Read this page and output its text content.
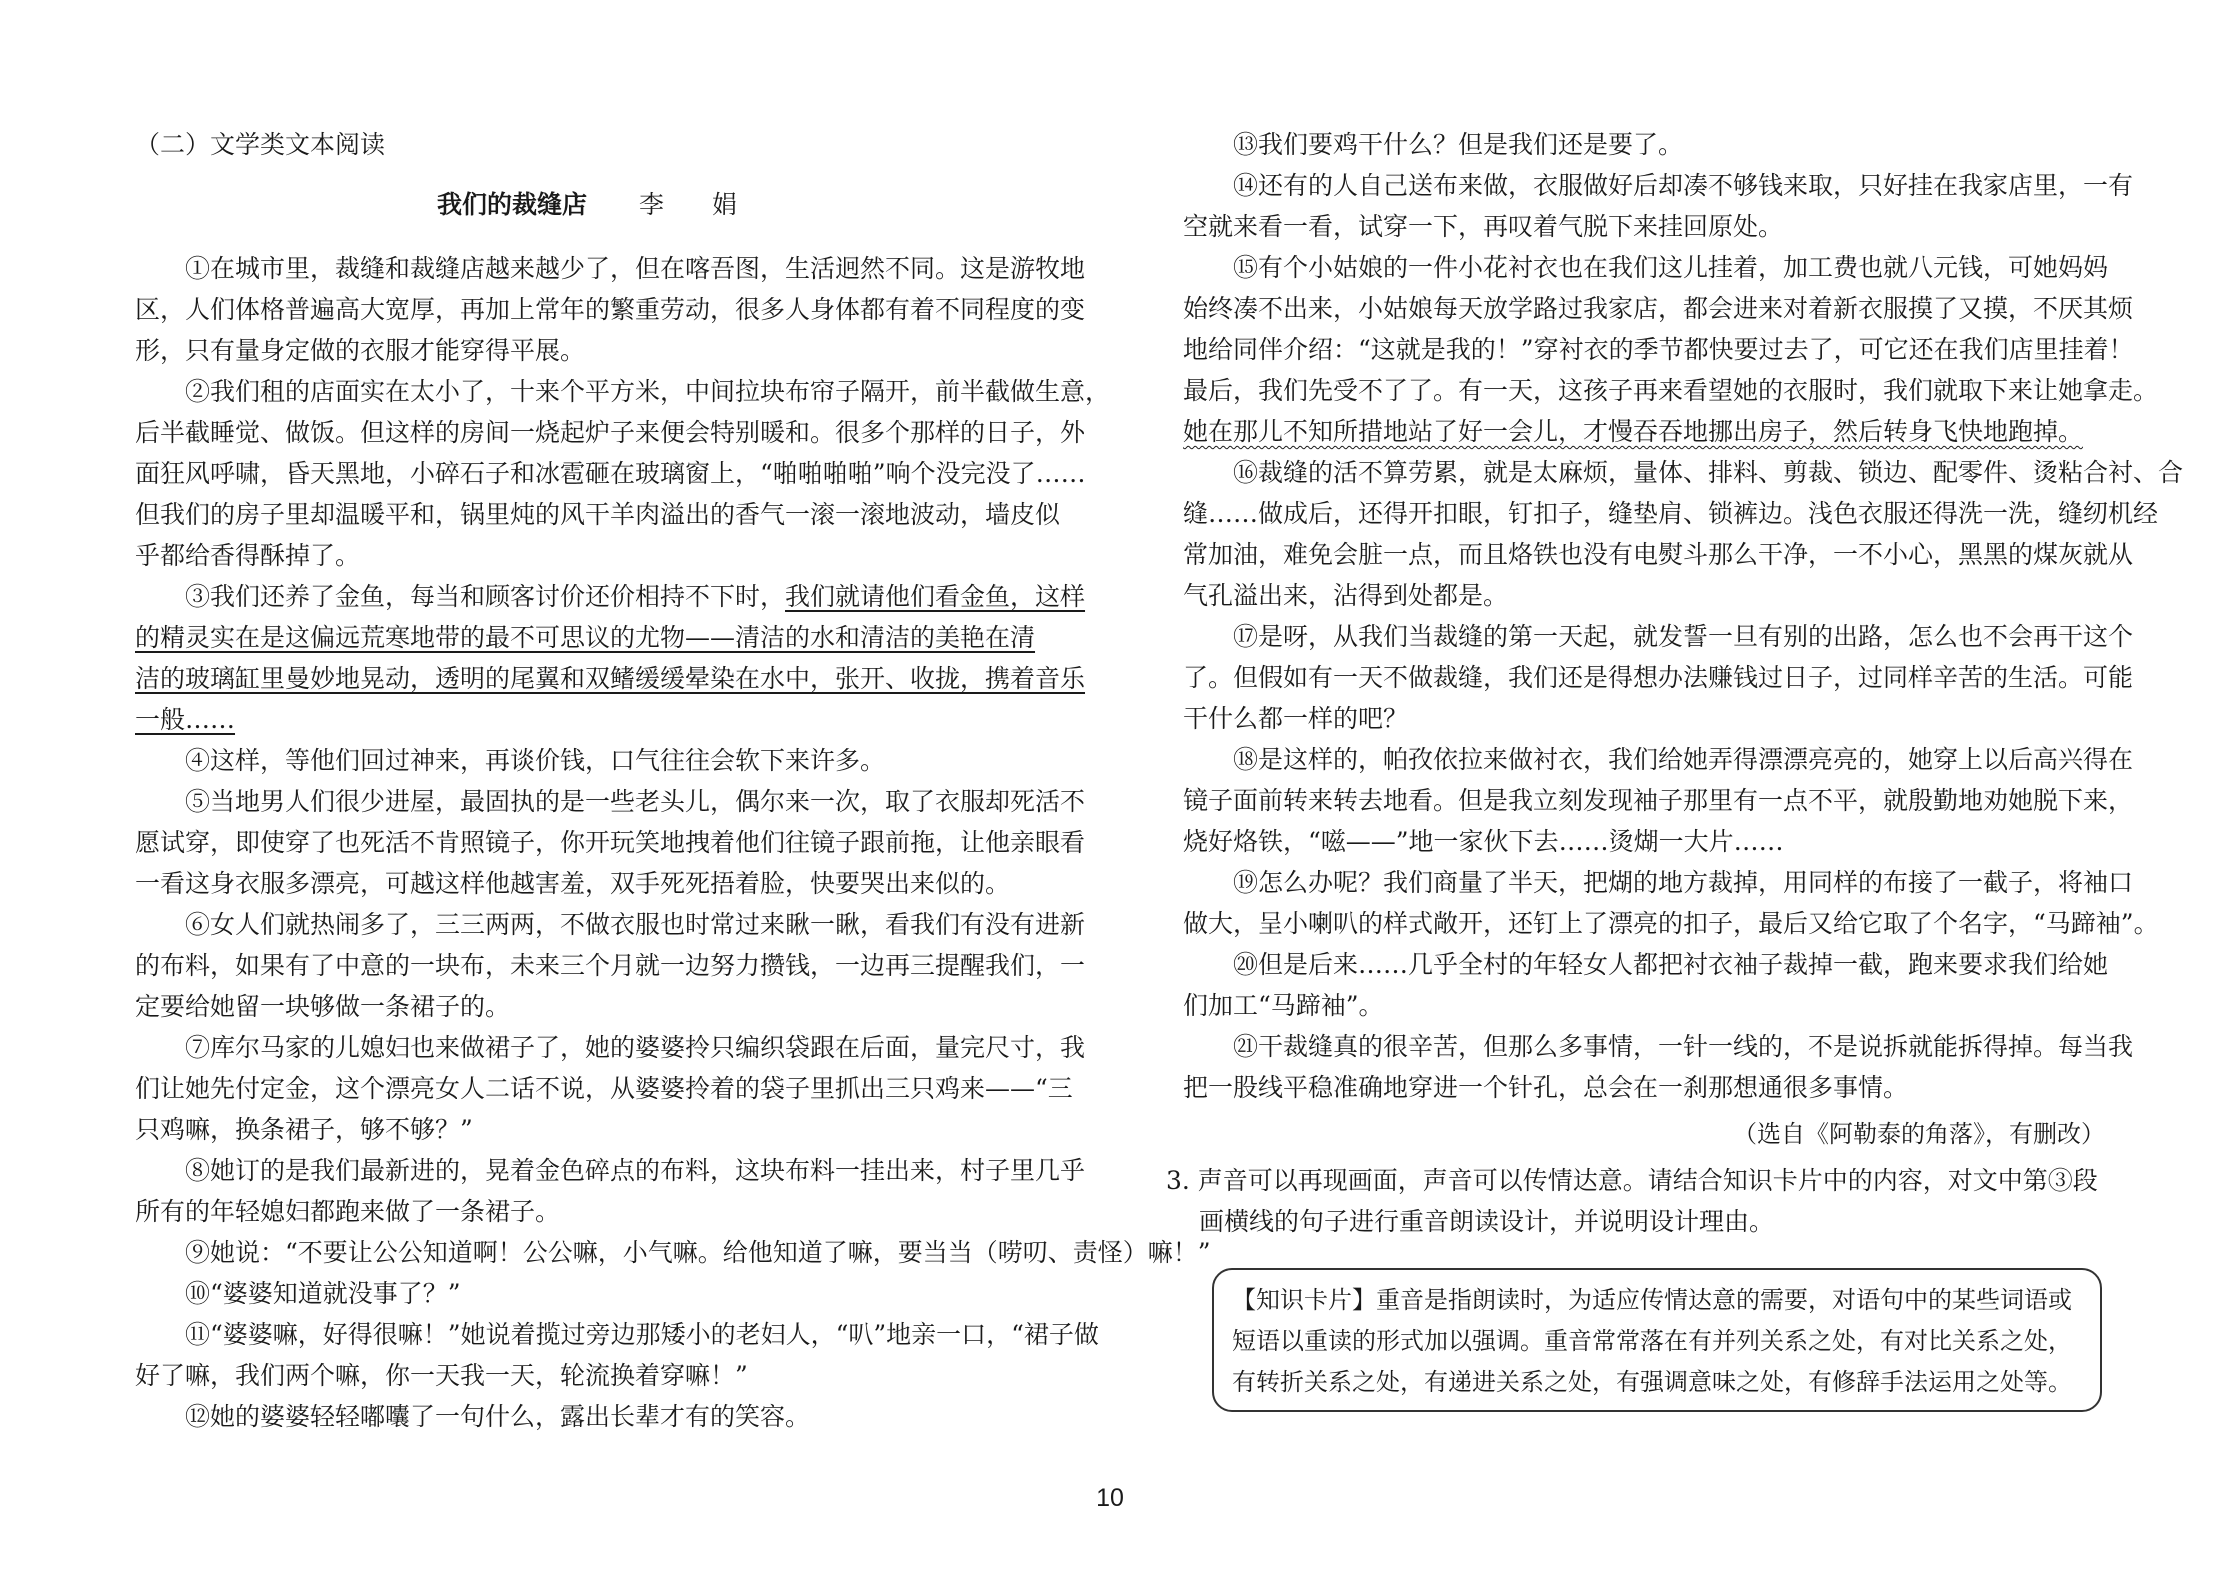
（二）文学类文本阅读
我们的裁缝店 李 娟
　　①在城市里，裁缝和裁缝店越来越少了，但在喀吾图，生活迥然不同。这是游牧地
区，人们体格普遍高大宽厚，再加上常年的繁重劳动，很多人身体都有着不同程度的变
形，只有量身定做的衣服才能穿得平展。
　　②我们租的店面实在太小了，十来个平方米，中间拉块布帘子隔开，前半截做生意，
后半截睡觉、做饭。但这样的房间一烧起炉子来便会特别暖和。很多个那样的日子，外
面狂风呼啸，昏天黑地，小碎石子和冰雹砸在玻璃窗上，“啪啪啪啪”响个没完没了……
但我们的房子里却温暖平和，锅里炖的风干羊肉溢出的香气一滚一滚地波动，墙皮似
乎都给香得酥掉了。
　　③我们还养了金鱼，每当和顾客讨价还价相持不下时，我们就请他们看金鱼，这样
的精灵实在是这偏远荒寒地带的最不可思议的尤物——清洁的水和清洁的美艳在清
洁的玻璃缸里曼妙地晃动，透明的尾翼和双鳍缓缓晕染在水中，张开、收拢，携着音乐
一般……
　　④这样，等他们回过神来，再谈价钱，口气往往会软下来许多。
　　⑤当地男人们很少进屋，最固执的是一些老头儿，偶尔来一次，取了衣服却死活不
愿试穿，即使穿了也死活不肯照镜子，你开玩笑地拽着他们往镜子跟前拖，让他亲眼看
一看这身衣服多漂亮，可越这样他越害羞，双手死死捂着脸，快要哭出来似的。
　　⑥女人们就热闹多了，三三两两，不做衣服也时常过来瞅一瞅，看我们有没有进新
的布料，如果有了中意的一块布，未来三个月就一边努力攒钱，一边再三提醒我们，一
定要给她留一块够做一条裙子的。
　　⑦库尔马家的儿媳妇也来做裙子了，她的婆婆拎只编织袋跟在后面，量完尺寸，我
们让她先付定金，这个漂亮女人二话不说，从婆婆拎着的袋子里抓出三只鸡来——“三
只鸡嘛，换条裙子，够不够？”
　　⑧她订的是我们最新进的，晃着金色碎点的布料，这块布料一挂出来，村子里几乎
所有的年轻媳妇都跑来做了一条裙子。
　　⑨她说：“不要让公公知道啊！公公嘛，小气嘛。给他知道了嘛，要当当（唠叨、责怪）嘛！”
　　⑩“婆婆知道就没事了？”
　　⑪“婆婆嘛，好得很嘛！”她说着揽过旁边那矮小的老妇人，“叭”地亲一口，“裙子做
好了嘛，我们两个嘛，你一天我一天，轮流换着穿嘛！”
　　⑫她的婆婆轻轻嘟囔了一句什么，露出长辈才有的笑容。
　　⑬我们要鸡干什么？但是我们还是要了。
　　⑭还有的人自己送布来做，衣服做好后却凑不够钱来取，只好挂在我家店里，一有
空就来看一看，试穿一下，再叹着气脱下来挂回原处。
　　⑮有个小姑娘的一件小花衬衣也在我们这儿挂着，加工费也就八元钱，可她妈妈
始终凑不出来，小姑娘每天放学路过我家店，都会进来对着新衣服摸了又摸，不厌其烦
地给同伴介绍：“这就是我的！”穿衬衣的季节都快要过去了，可它还在我们店里挂着！
最后，我们先受不了了。有一天，这孩子再来看望她的衣服时，我们就取下来让她拿走。
她在那儿不知所措地站了好一会儿，才慢吞吞地挪出房子，然后转身飞快地跑掉。
　　⑯裁缝的活不算劳累，就是太麻烦，量体、排料、剪裁、锁边、配零件、烫粘合衬、合
缝……做成后，还得开扣眼，钉扣子，缝垫肩、锁裤边。浅色衣服还得洗一洗，缝纫机经
常加油，难免会脏一点，而且烙铁也没有电熨斗那么干净，一不小心，黑黑的煤灰就从
气孔溢出来，沾得到处都是。
　　⑰是呀，从我们当裁缝的第一天起，就发誓一旦有别的出路，怎么也不会再干这个
了。但假如有一天不做裁缝，我们还是得想办法赚钱过日子，过同样辛苦的生活。可能
干什么都一样的吧？
　　⑱是这样的，帕孜依拉来做衬衣，我们给她弄得漂漂亮亮的，她穿上以后高兴得在
镜子面前转来转去地看。但是我立刻发现袖子那里有一点不平，就殷勤地劝她脱下来，
烧好烙铁，“嗞——”地一家伙下去……烫煳一大片……
　　⑲怎么办呢？我们商量了半天，把煳的地方裁掉，用同样的布接了一截子，将袖口
做大，呈小喇叭的样式敞开，还钉上了漂亮的扣子，最后又给它取了个名字，“马蹄袖”。
　　⑳但是后来……几乎全村的年轻女人都把衬衣袖子裁掉一截，跑来要求我们给她
们加工“马蹄袖”。
　　㉑干裁缝真的很辛苦，但那么多事情，一针一线的，不是说拆就能拆得掉。每当我
把一股线平稳准确地穿进一个针孔，总会在一刹那想通很多事情。
（选自《阿勒泰的角落》，有删改）
3. 声音可以再现画面，声音可以传情达意。请结合知识卡片中的内容，对文中第③段
画横线的句子进行重音朗读设计，并说明设计理由。
【知识卡片】重音是指朗读时，为适应传情达意的需要，对语句中的某些词语或
短语以重读的形式加以强调。重音常常落在有并列关系之处，有对比关系之处，
有转折关系之处，有递进关系之处，有强调意味之处，有修辞手法运用之处等。
10
